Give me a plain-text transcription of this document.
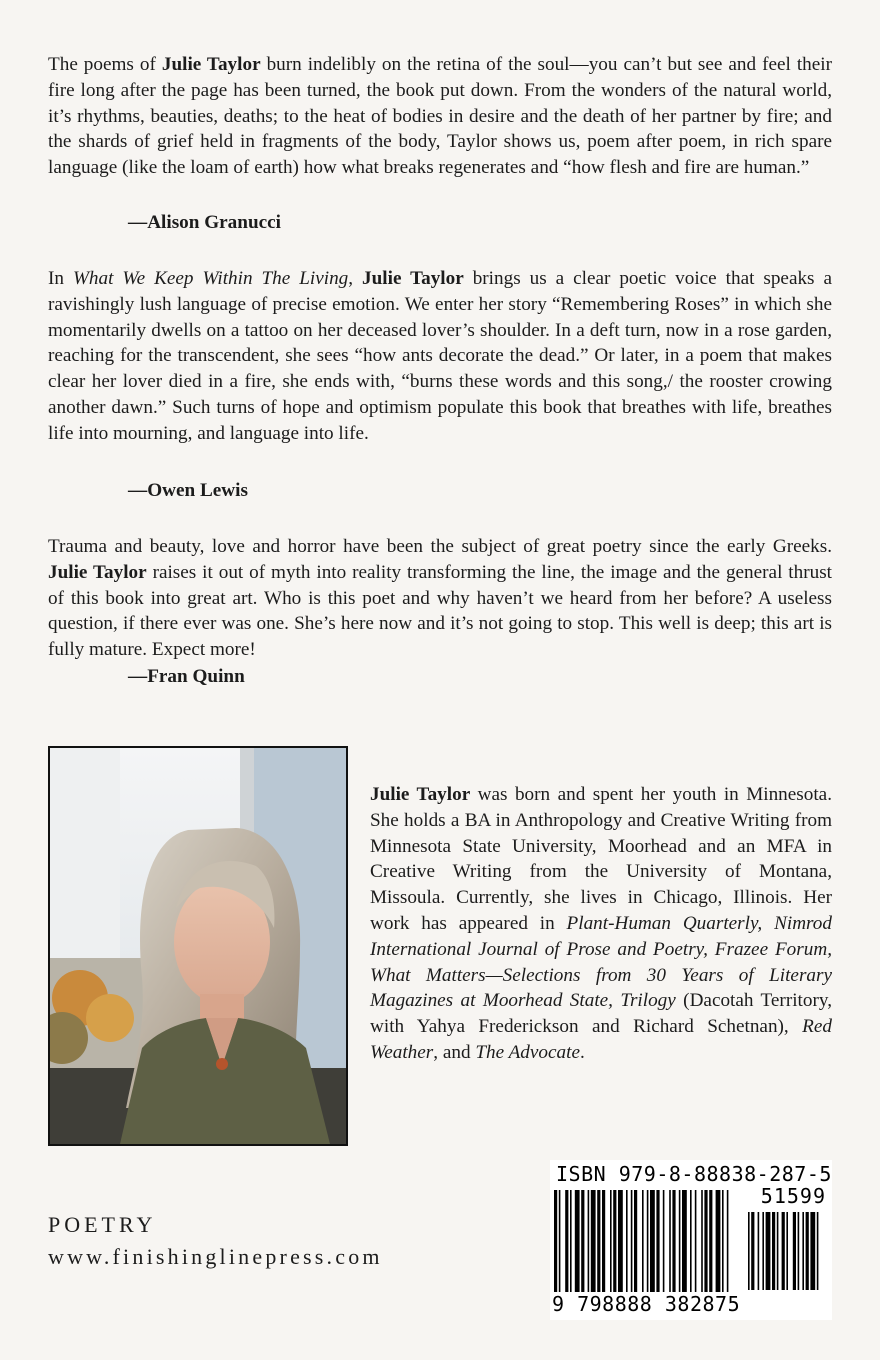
The poems of Julie Taylor burn indelibly on the retina of the soul—you can’t but see and feel their fire long after the page has been turned, the book put down. From the wonders of the natural world, it’s rhythms, beauties, deaths; to the heat of bodies in desire and the death of her partner by fire; and the shards of grief held in fragments of the body, Taylor shows us, poem after poem, in rich spare language (like the loam of earth) how what breaks regenerates and “how flesh and fire are human.”

—Alison Granucci

In What We Keep Within The Living, Julie Taylor brings us a clear poetic voice that speaks a ravishingly lush language of precise emotion. We enter her story “Remembering Roses” in which she momentarily dwells on a tattoo on her deceased lover’s shoulder. In a deft turn, now in a rose garden, reaching for the transcendent, she sees “how ants decorate the dead.” Or later, in a poem that makes clear her lover died in a fire, she ends with, “burns these words and this song,/ the rooster crowing another dawn.” Such turns of hope and optimism populate this book that breathes with life, breathes life into mourning, and language into life.

—Owen Lewis

Trauma and beauty, love and horror have been the subject of great poetry since the early Greeks. Julie Taylor raises it out of myth into reality transforming the line, the image and the general thrust of this book into great art. Who is this poet and why haven’t we heard from her before? A useless question, if there ever was one. She’s here now and it’s not going to stop. This well is deep; this art is fully mature. Expect more!

—Fran Quinn

Julie Taylor was born and spent her youth in Minnesota. She holds a BA in Anthropology and Creative Writing from Minnesota State University, Moorhead and an MFA in Creative Writing from the University of Montana, Missoula. Currently, she lives in Chicago, Illinois. Her work has appeared in Plant-Human Quarterly, Nimrod International Journal of Prose and Poetry, Frazee Forum, What Matters—Selections from 30 Years of Literary Magazines at Moorhead State, Trilogy (Dacotah Territory, with Yahya Frederickson and Richard Schetnan), Red Weather, and The Advocate.

POETRY

www.finishinglinepress.com

ISBN 979-8-88838-287-5

51599

9 798888 382875
